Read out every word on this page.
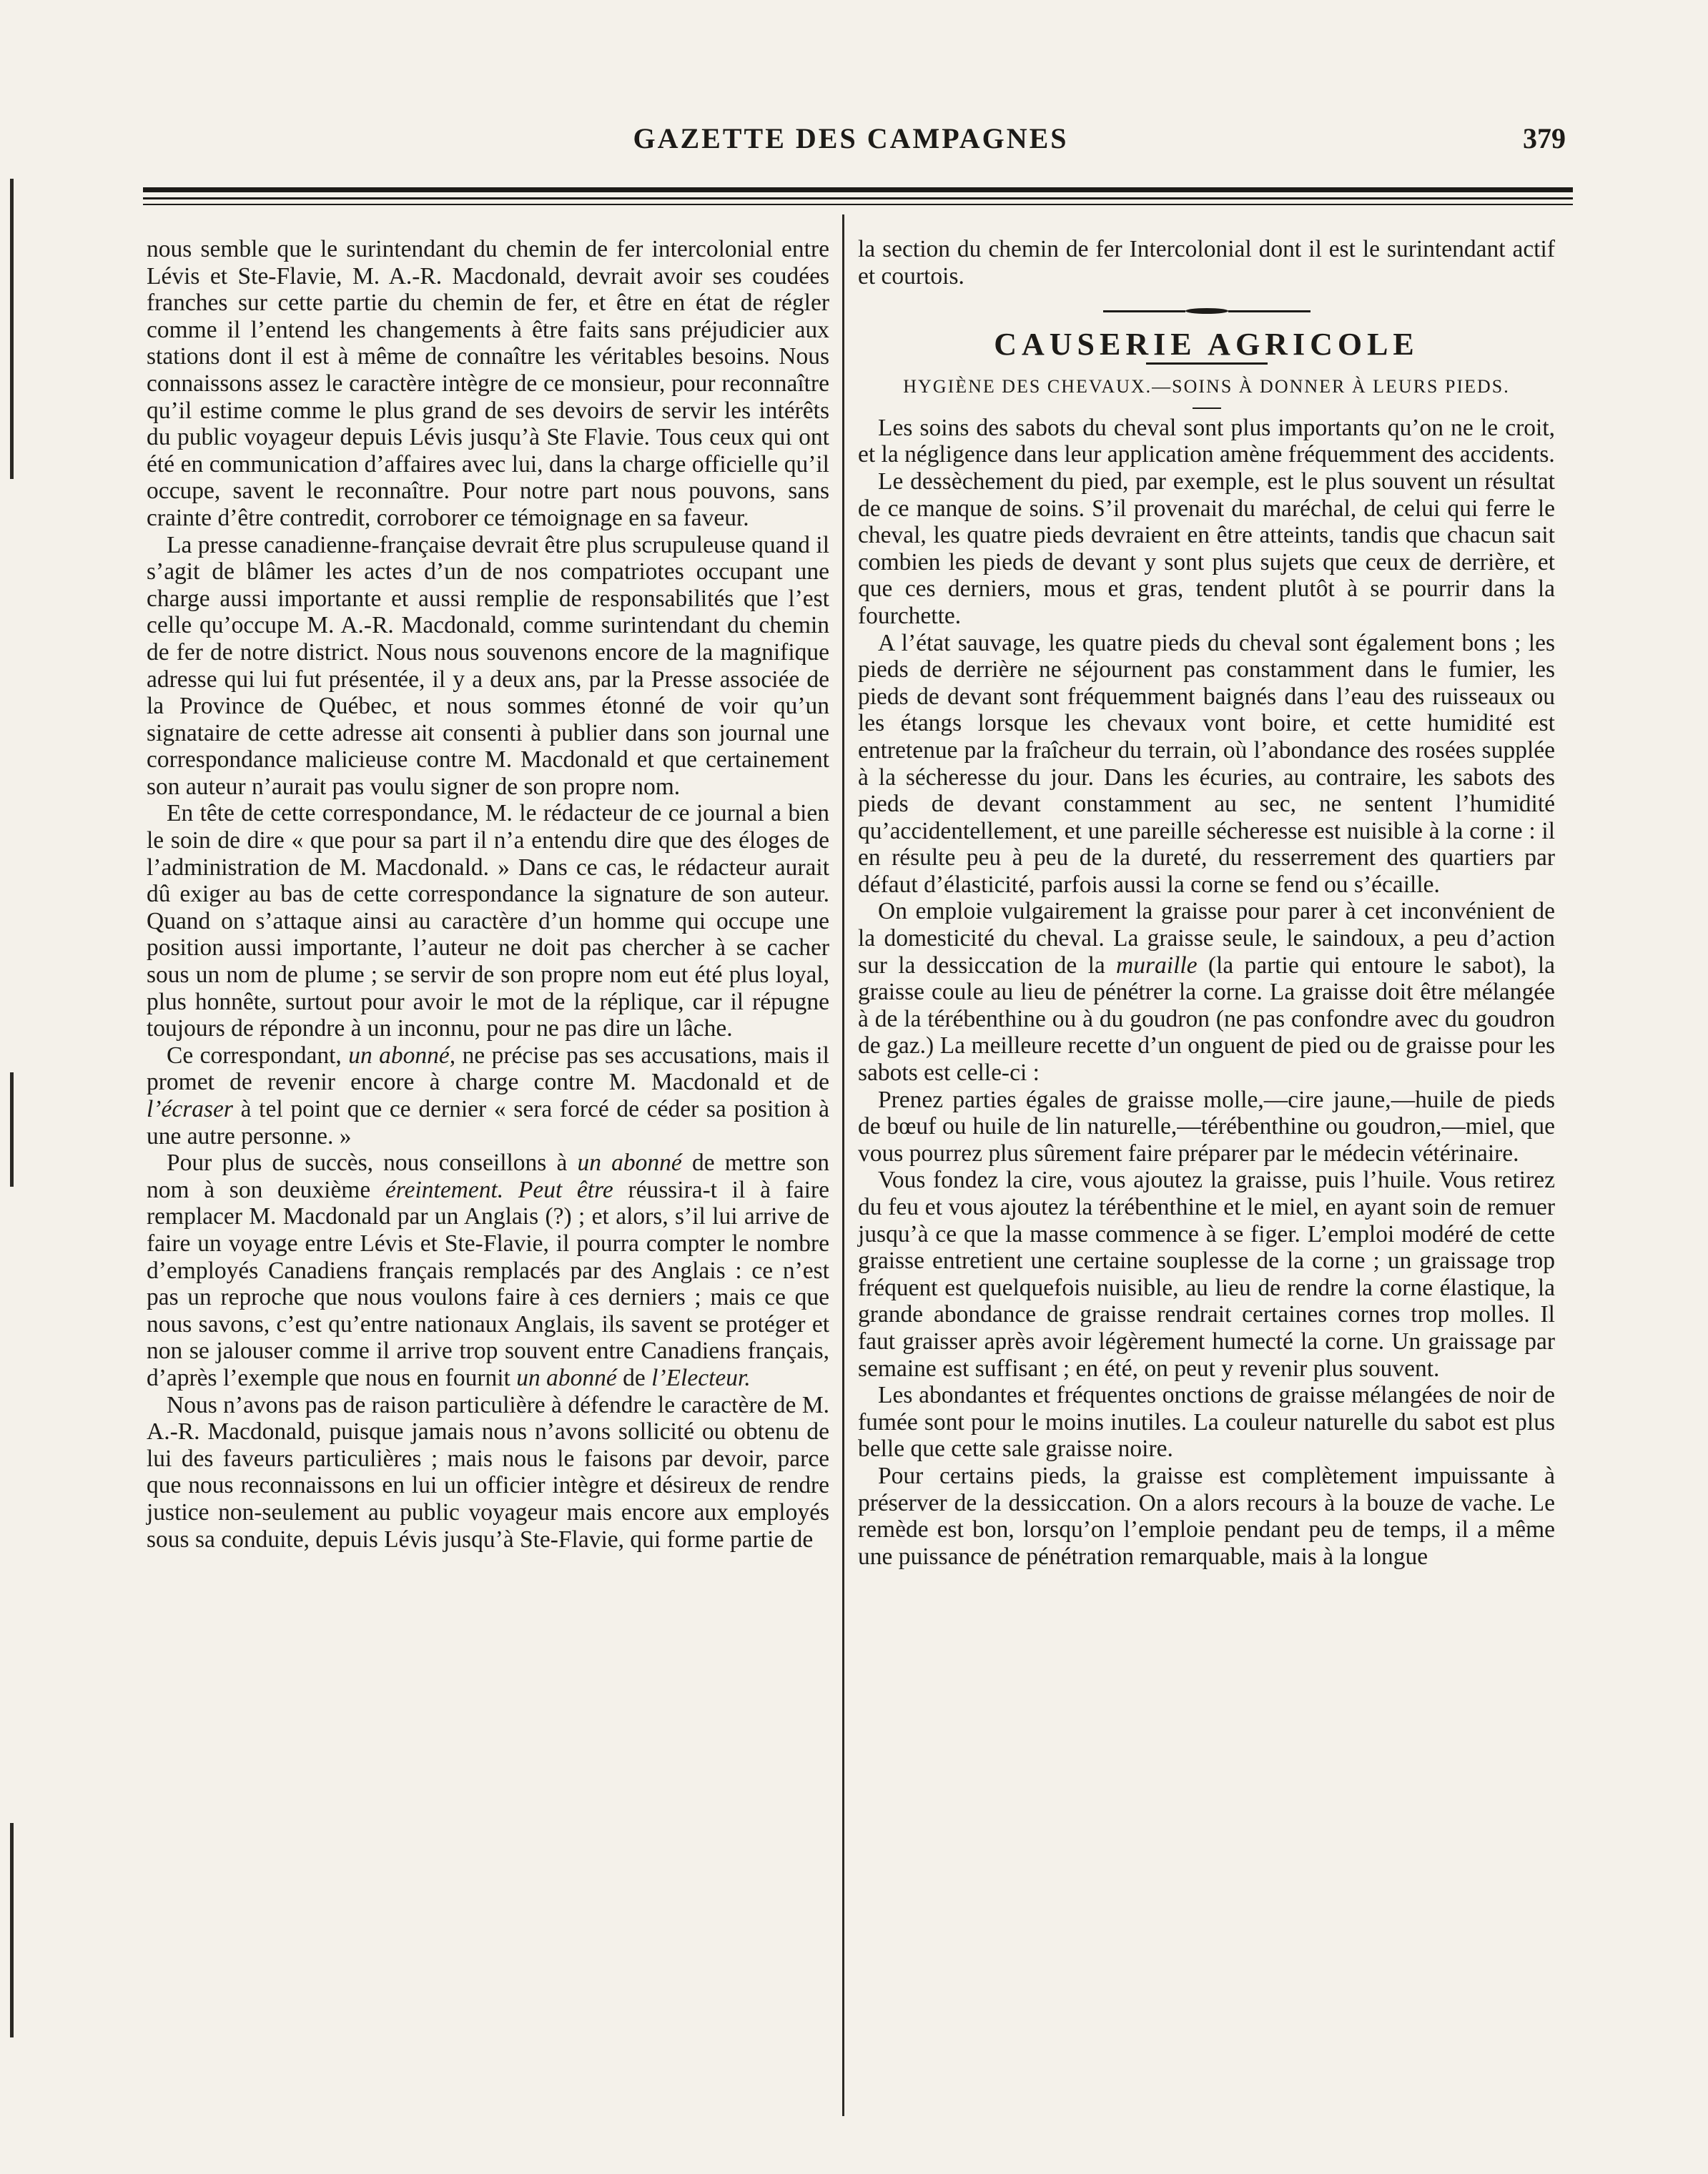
GAZETTE DES CAMPAGNES	379

nous semble que le surintendant du chemin de fer intercolonial entre Lévis et Ste-Flavie, M. A.-R. Macdonald, devrait avoir ses coudées franches sur cette partie du chemin de fer, et être en état de régler comme il l’entend les changements à être faits sans préjudicier aux stations dont il est à même de connaître les véritables besoins. Nous connaissons assez le caractère intègre de ce monsieur, pour reconnaître qu’il estime comme le plus grand de ses devoirs de servir les intérêts du public voyageur depuis Lévis jusqu’à Ste Flavie. Tous ceux qui ont été en communication d’affaires avec lui, dans la charge officielle qu’il occupe, savent le reconnaître. Pour notre part nous pouvons, sans crainte d’être contredit, corroborer ce témoignage en sa faveur.

La presse canadienne-française devrait être plus scrupuleuse quand il s’agit de blâmer les actes d’un de nos compatriotes occupant une charge aussi importante et aussi remplie de responsabilités que l’est celle qu’occupe M. A.-R. Macdonald, comme surintendant du chemin de fer de notre district. Nous nous souvenons encore de la magnifique adresse qui lui fut présentée, il y a deux ans, par la Presse associée de la Province de Québec, et nous sommes étonné de voir qu’un signataire de cette adresse ait consenti à publier dans son journal une correspondance malicieuse contre M. Macdonald et que certainement son auteur n’aurait pas voulu signer de son propre nom.

En tête de cette correspondance, M. le rédacteur de ce journal a bien le soin de dire « que pour sa part il n’a entendu dire que des éloges de l’administration de M. Macdonald. » Dans ce cas, le rédacteur aurait dû exiger au bas de cette correspondance la signature de son auteur. Quand on s’attaque ainsi au caractère d’un homme qui occupe une position aussi importante, l’auteur ne doit pas chercher à se cacher sous un nom de plume ; se servir de son propre nom eut été plus loyal, plus honnête, surtout pour avoir le mot de la réplique, car il répugne toujours de répondre à un inconnu, pour ne pas dire un lâche.

Ce correspondant, un abonné, ne précise pas ses accusations, mais il promet de revenir encore à charge contre M. Macdonald et de l’écraser à tel point que ce dernier « sera forcé de céder sa position à une autre personne. »

Pour plus de succès, nous conseillons à un abonné de mettre son nom à son deuxième éreintement. Peut être réussira-t il à faire remplacer M. Macdonald par un Anglais (?) ; et alors, s’il lui arrive de faire un voyage entre Lévis et Ste-Flavie, il pourra compter le nombre d’employés Canadiens français remplacés par des Anglais : ce n’est pas un reproche que nous voulons faire à ces derniers ; mais ce que nous savons, c’est qu’entre nationaux Anglais, ils savent se protéger et non se jalouser comme il arrive trop souvent entre Canadiens français, d’après l’exemple que nous en fournit un abonné de l’Electeur.

Nous n’avons pas de raison particulière à défendre le caractère de M. A.-R. Macdonald, puisque jamais nous n’avons sollicité ou obtenu de lui des faveurs particulières ; mais nous le faisons par devoir, parce que nous reconnaissons en lui un officier intègre et désireux de rendre justice non-seulement au public voyageur mais encore aux employés sous sa conduite, depuis Lévis jusqu’à Ste-Flavie, qui forme partie de

la section du chemin de fer Intercolonial dont il est le surintendant actif et courtois.

CAUSERIE AGRICOLE
HYGIÈNE DES CHEVAUX.—SOINS À DONNER À LEURS PIEDS.

Les soins des sabots du cheval sont plus importants qu’on ne le croit, et la négligence dans leur application amène fréquemment des accidents.

Le dessèchement du pied, par exemple, est le plus souvent un résultat de ce manque de soins. S’il provenait du maréchal, de celui qui ferre le cheval, les quatre pieds devraient en être atteints, tandis que chacun sait combien les pieds de devant y sont plus sujets que ceux de derrière, et que ces derniers, mous et gras, tendent plutôt à se pourrir dans la fourchette.

A l’état sauvage, les quatre pieds du cheval sont également bons ; les pieds de derrière ne séjournent pas constamment dans le fumier, les pieds de devant sont fréquemment baignés dans l’eau des ruisseaux ou les étangs lorsque les chevaux vont boire, et cette humidité est entretenue par la fraîcheur du terrain, où l’abondance des rosées supplée à la sécheresse du jour. Dans les écuries, au contraire, les sabots des pieds de devant constamment au sec, ne sentent l’humidité qu’accidentellement, et une pareille sécheresse est nuisible à la corne : il en résulte peu à peu de la dureté, du resserrement des quartiers par défaut d’élasticité, parfois aussi la corne se fend ou s’écaille.

On emploie vulgairement la graisse pour parer à cet inconvénient de la domesticité du cheval. La graisse seule, le saindoux, a peu d’action sur la dessiccation de la muraille (la partie qui entoure le sabot), la graisse coule au lieu de pénétrer la corne. La graisse doit être mélangée à de la térébenthine ou à du goudron (ne pas confondre avec du goudron de gaz.) La meilleure recette d’un onguent de pied ou de graisse pour les sabots est celle-ci :

Prenez parties égales de graisse molle,—cire jaune,—huile de pieds de bœuf ou huile de lin naturelle,—térébenthine ou goudron,—miel, que vous pourrez plus sûrement faire préparer par le médecin vétérinaire.

Vous fondez la cire, vous ajoutez la graisse, puis l’huile. Vous retirez du feu et vous ajoutez la térébenthine et le miel, en ayant soin de remuer jusqu’à ce que la masse commence à se figer. L’emploi modéré de cette graisse entretient une certaine souplesse de la corne ; un graissage trop fréquent est quelquefois nuisible, au lieu de rendre la corne élastique, la grande abondance de graisse rendrait certaines cornes trop molles. Il faut graisser après avoir légèrement humecté la corne. Un graissage par semaine est suffisant ; en été, on peut y revenir plus souvent.

Les abondantes et fréquentes onctions de graisse mélangées de noir de fumée sont pour le moins inutiles. La couleur naturelle du sabot est plus belle que cette sale graisse noire.

Pour certains pieds, la graisse est complètement impuissante à préserver de la dessiccation. On a alors recours à la bouze de vache. Le remède est bon, lorsqu’on l’emploie pendant peu de temps, il a même une puissance de pénétration remarquable, mais à la longue
